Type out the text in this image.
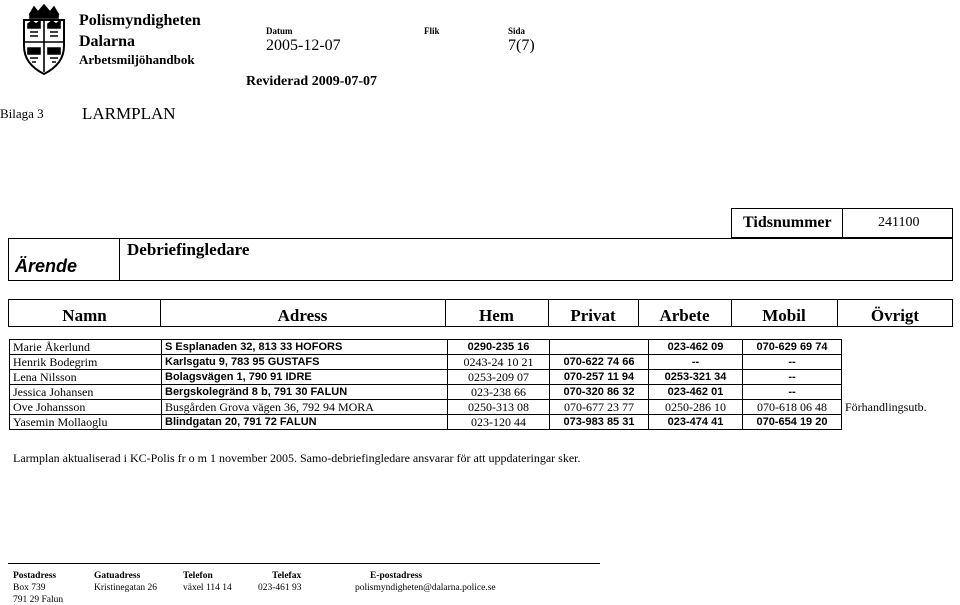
Polismyndigheten
Dalarna
Arbetsmiljöhandbok
Datum
2005-12-07
Flik	Sida
7(7)
Reviderad 2009-07-07
Bilaga 3 LARMPLAN
Tidsnummer	241100
Ärende
Debriefingledare
Namn	Adress	Hem	Privat	Arbete	Mobil	Övrigt
Marie Åkerlund	S Esplanaden 32, 813 33 HOFORS	0290-235 16		023-462 09	070-629 69 74	
Henrik Bodegrim	Karlsgatu 9, 783 95 GUSTAFS	0243-24 10 21	070-622 74 66	--	--	
Lena Nilsson	Bolagsvägen 1, 790 91 IDRE	0253-209 07	070-257 11 94	0253-321 34	--	
Jessica Johansen	Bergskolegränd 8 b, 791 30 FALUN	023-238 66	070-320 86 32	023-462 01	--	
Ove Johansson	Busgården Grova vägen 36, 792 94 MORA	0250-313 08	070-677 23 77	0250-286 10	070-618 06 48	Förhandlingsutb.
Yasemin Mollaoglu	Blindgatan 20, 791 72 FALUN	023-120 44	073-983 85 31	023-474 41	070-654 19 20	
Larmplan aktualiserad i KC-Polis fr o m 1 november 2005. Samo-debriefingledare ansvarar för att uppdateringar sker.
Postadress
Box 739
791 29 Falun
Gatuadress
Kristinegatan 26
Telefon
växel 114 14
Telefax
023-461 93
E-postadress
polismyndigheten@dalarna.police.se
